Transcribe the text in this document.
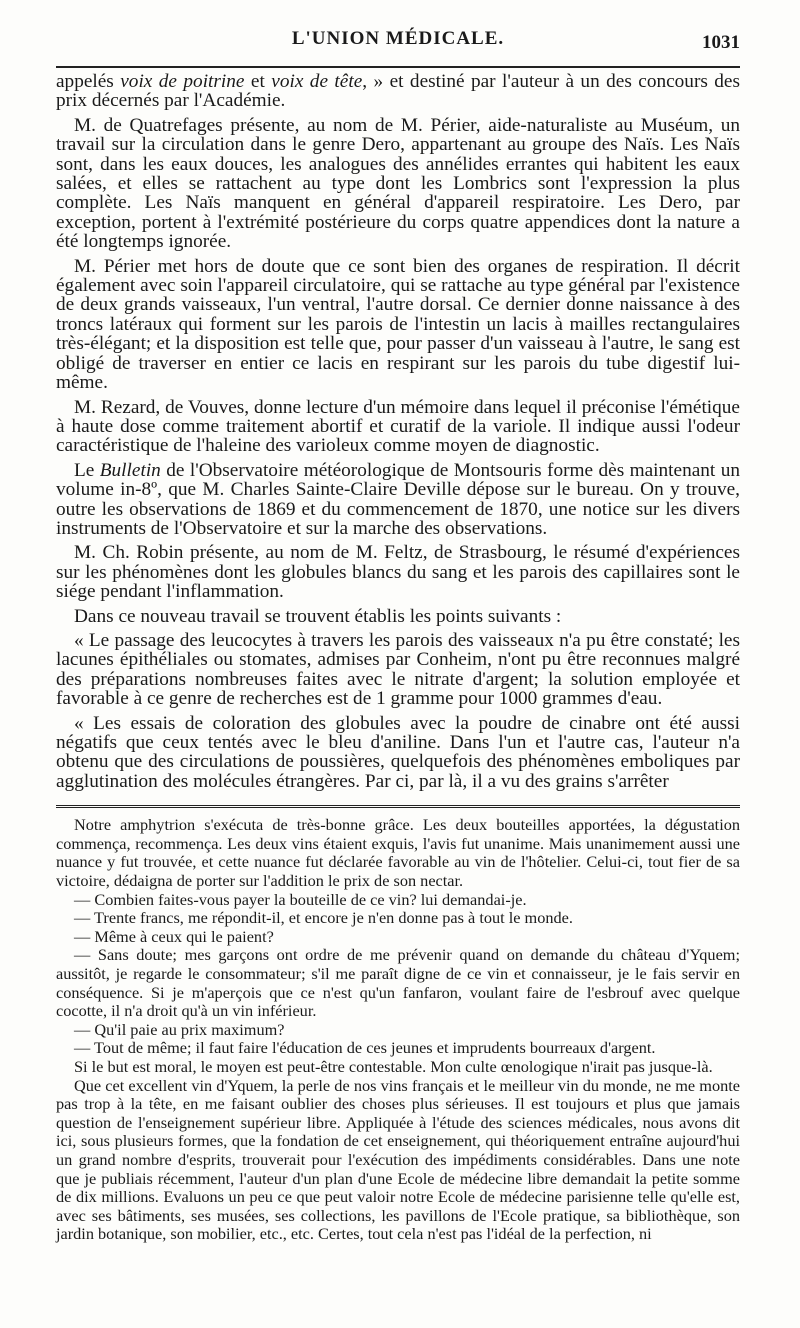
L'UNION MÉDICALE.	1031

appelés voix de poitrine et voix de tête, » et destiné par l'auteur à un des concours des prix décernés par l'Académie.

M. de Quatrefages présente, au nom de M. Périer, aide-naturaliste au Muséum, un travail sur la circulation dans le genre Dero, appartenant au groupe des Naïs. Les Naïs sont, dans les eaux douces, les analogues des annélides errantes qui habitent les eaux salées, et elles se rattachent au type dont les Lombrics sont l'expression la plus complète. Les Naïs manquent en général d'appareil respiratoire. Les Dero, par exception, portent à l'extrémité postérieure du corps quatre appendices dont la nature a été longtemps ignorée.

M. Périer met hors de doute que ce sont bien des organes de respiration. Il décrit également avec soin l'appareil circulatoire, qui se rattache au type général par l'existence de deux grands vaisseaux, l'un ventral, l'autre dorsal. Ce dernier donne naissance à des troncs latéraux qui forment sur les parois de l'intestin un lacis à mailles rectangulaires très-élégant; et la disposition est telle que, pour passer d'un vaisseau à l'autre, le sang est obligé de traverser en entier ce lacis en respirant sur les parois du tube digestif lui-même.

M. Rezard, de Vouves, donne lecture d'un mémoire dans lequel il préconise l'émétique à haute dose comme traitement abortif et curatif de la variole. Il indique aussi l'odeur caractéristique de l'haleine des varioleux comme moyen de diagnostic.

Le Bulletin de l'Observatoire météorologique de Montsouris forme dès maintenant un volume in-8º, que M. Charles Sainte-Claire Deville dépose sur le bureau. On y trouve, outre les observations de 1869 et du commencement de 1870, une notice sur les divers instruments de l'Observatoire et sur la marche des observations.

M. Ch. Robin présente, au nom de M. Feltz, de Strasbourg, le résumé d'expériences sur les phénomènes dont les globules blancs du sang et les parois des capillaires sont le siége pendant l'inflammation.

Dans ce nouveau travail se trouvent établis les points suivants :

« Le passage des leucocytes à travers les parois des vaisseaux n'a pu être constaté; les lacunes épithéliales ou stomates, admises par Conheim, n'ont pu être reconnues malgré des préparations nombreuses faites avec le nitrate d'argent; la solution employée et favorable à ce genre de recherches est de 1 gramme pour 1000 grammes d'eau.

« Les essais de coloration des globules avec la poudre de cinabre ont été aussi négatifs que ceux tentés avec le bleu d'aniline. Dans l'un et l'autre cas, l'auteur n'a obtenu que des circulations de poussières, quelquefois des phénomènes emboliques par agglutination des molécules étrangères. Par ci, par là, il a vu des grains s'arrêter

Notre amphytrion s'exécuta de très-bonne grâce. Les deux bouteilles apportées, la dégustation commença, recommença. Les deux vins étaient exquis, l'avis fut unanime. Mais unanimement aussi une nuance y fut trouvée, et cette nuance fut déclarée favorable au vin de l'hôtelier. Celui-ci, tout fier de sa victoire, dédaigna de porter sur l'addition le prix de son nectar.

— Combien faites-vous payer la bouteille de ce vin? lui demandai-je.

— Trente francs, me répondit-il, et encore je n'en donne pas à tout le monde.

— Même à ceux qui le paient?

— Sans doute; mes garçons ont ordre de me prévenir quand on demande du château d'Yquem; aussitôt, je regarde le consommateur; s'il me paraît digne de ce vin et connaisseur, je le fais servir en conséquence. Si je m'aperçois que ce n'est qu'un fanfaron, voulant faire de l'esbrouf avec quelque cocotte, il n'a droit qu'à un vin inférieur.

— Qu'il paie au prix maximum?

— Tout de même; il faut faire l'éducation de ces jeunes et imprudents bourreaux d'argent.

Si le but est moral, le moyen est peut-être contestable. Mon culte œnologique n'irait pas jusque-là.

Que cet excellent vin d'Yquem, la perle de nos vins français et le meilleur vin du monde, ne me monte pas trop à la tête, en me faisant oublier des choses plus sérieuses. Il est toujours et plus que jamais question de l'enseignement supérieur libre. Appliquée à l'étude des sciences médicales, nous avons dit ici, sous plusieurs formes, que la fondation de cet enseignement, qui théoriquement entraîne aujourd'hui un grand nombre d'esprits, trouverait pour l'exécution des impédiments considérables. Dans une note que je publiais récemment, l'auteur d'un plan d'une Ecole de médecine libre demandait la petite somme de dix millions. Evaluons un peu ce que peut valoir notre Ecole de médecine parisienne telle qu'elle est, avec ses bâtiments, ses musées, ses collections, les pavillons de l'Ecole pratique, sa bibliothèque, son jardin botanique, son mobilier, etc., etc. Certes, tout cela n'est pas l'idéal de la perfection, ni
